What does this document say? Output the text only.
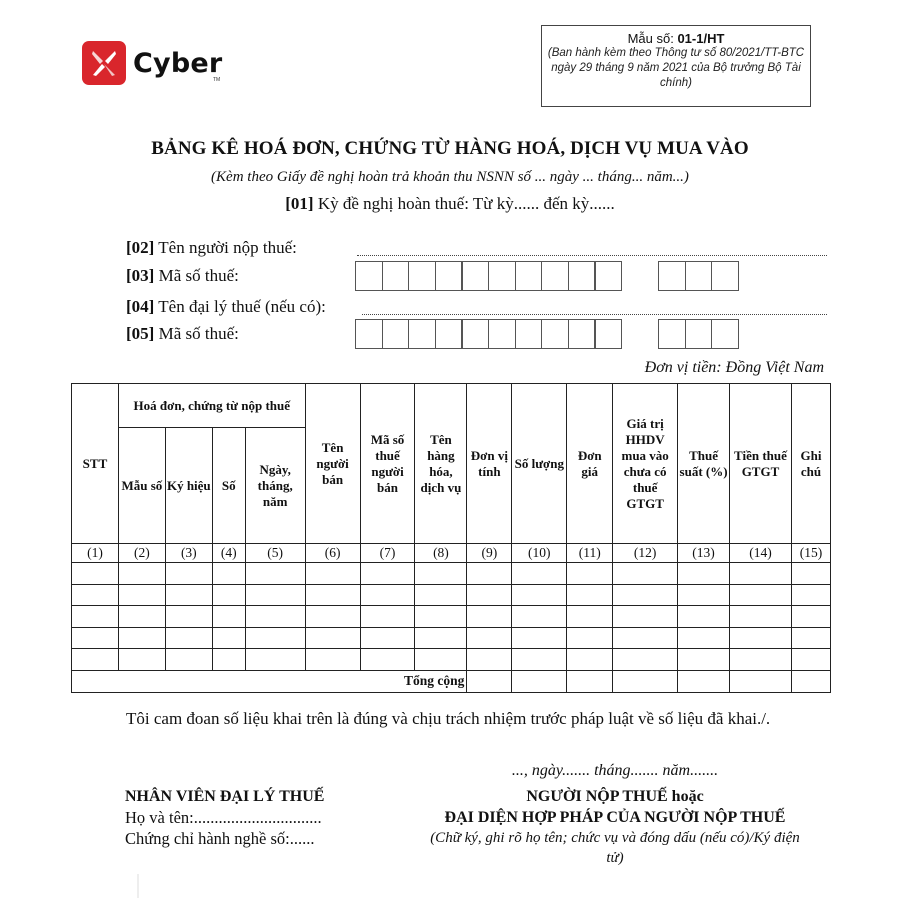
Cyber
TM
Mẫu số: 01-1/HT
(Ban hành kèm theo Thông tư số 80/2021/TT-BTC ngày 29 tháng 9 năm 2021 của Bộ trưởng Bộ Tài chính)
BẢNG KÊ HOÁ ĐƠN, CHỨNG TỪ HÀNG HOÁ, DỊCH VỤ MUA VÀO
(Kèm theo Giấy đề nghị hoàn trả khoản thu NSNN số ... ngày ... tháng... năm...)
[01] Kỳ đề nghị hoàn thuế: Từ kỳ...... đến kỳ......
[02] Tên người nộp thuế:
[03] Mã số thuế:
[04] Tên đại lý thuế (nếu có):
[05] Mã số thuế:
Đơn vị tiền: Đồng Việt Nam
STT	Hoá đơn, chứng từ nộp thuế				Tên người bán	Mã số thuế người bán	Tên hàng hóa, dịch vụ	Đơn vị tính	Số lượng	Đơn giá	Giá trị HHDV mua vào chưa có thuế GTGT	Thuế suất (%)	Tiền thuế GTGT	Ghi chú
	Mẫu số	Ký hiệu	Số	Ngày, tháng, năm										
(1)	(2)	(3)	(4)	(5)	(6)	(7)	(8)	(9)	(10)	(11)	(12)	(13)	(14)	(15)

Tổng cộng														
Tôi cam đoan số liệu khai trên là đúng và chịu trách nhiệm trước pháp luật về số liệu đã khai./.
..., ngày....... tháng....... năm.......
NHÂN VIÊN ĐẠI LÝ THUẾ
Họ và tên:...............................
Chứng chỉ hành nghề số:......
NGƯỜI NỘP THUẾ hoặc
ĐẠI DIỆN HỢP PHÁP CỦA NGƯỜI NỘP THUẾ
(Chữ ký, ghi rõ họ tên; chức vụ và đóng dấu (nếu có)/Ký điện tử)
